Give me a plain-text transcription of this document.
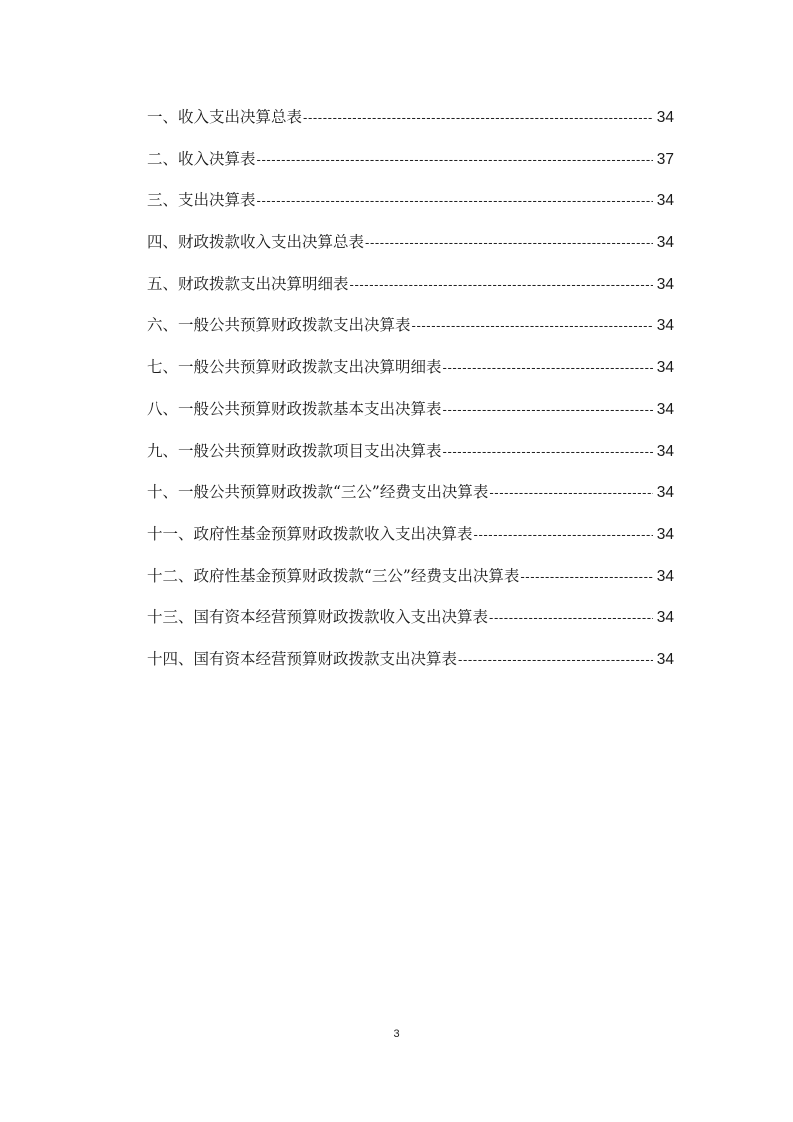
一、收入支出决算总表 -----	34
二、收入决算表 -----	37
三、支出决算表 -----	34
四、财政拨款收入支出决算总表 -----	34
五、财政拨款支出决算明细表 -----	34
六、一般公共预算财政拨款支出决算表 -----	34
七、一般公共预算财政拨款支出决算明细表 -----	34
八、一般公共预算财政拨款基本支出决算表 -----	34
九、一般公共预算财政拨款项目支出决算表 -----	34
十、一般公共预算财政拨款“三公”经费支出决算表 -----	34
十一、政府性基金预算财政拨款收入支出决算表 -----	34
十二、政府性基金预算财政拨款“三公”经费支出决算表 -----	34
十三、国有资本经营预算财政拨款收入支出决算表 -----	34
十四、国有资本经营预算财政拨款支出决算表 -----	34
3
